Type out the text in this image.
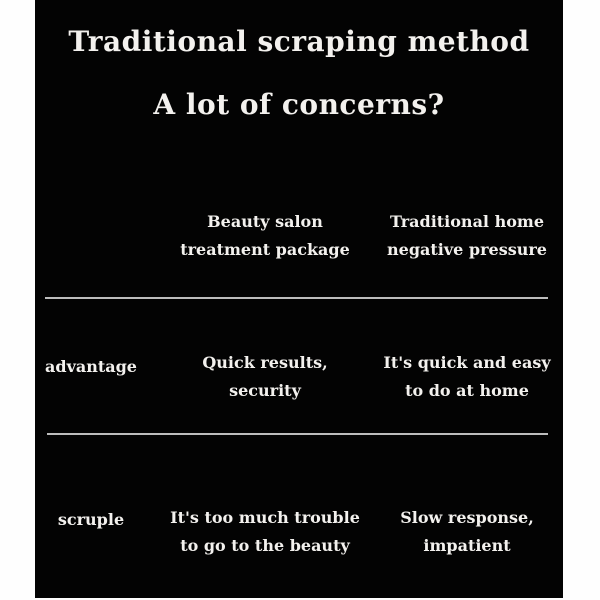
Traditional scraping method
A lot of concerns?
Beauty salon
treatment package
Traditional home
negative pressure
advantage	Quick results,
security
It's quick and easy
to do at home
scruple	It's too much trouble
to go to the beauty
Slow response,
impatient
